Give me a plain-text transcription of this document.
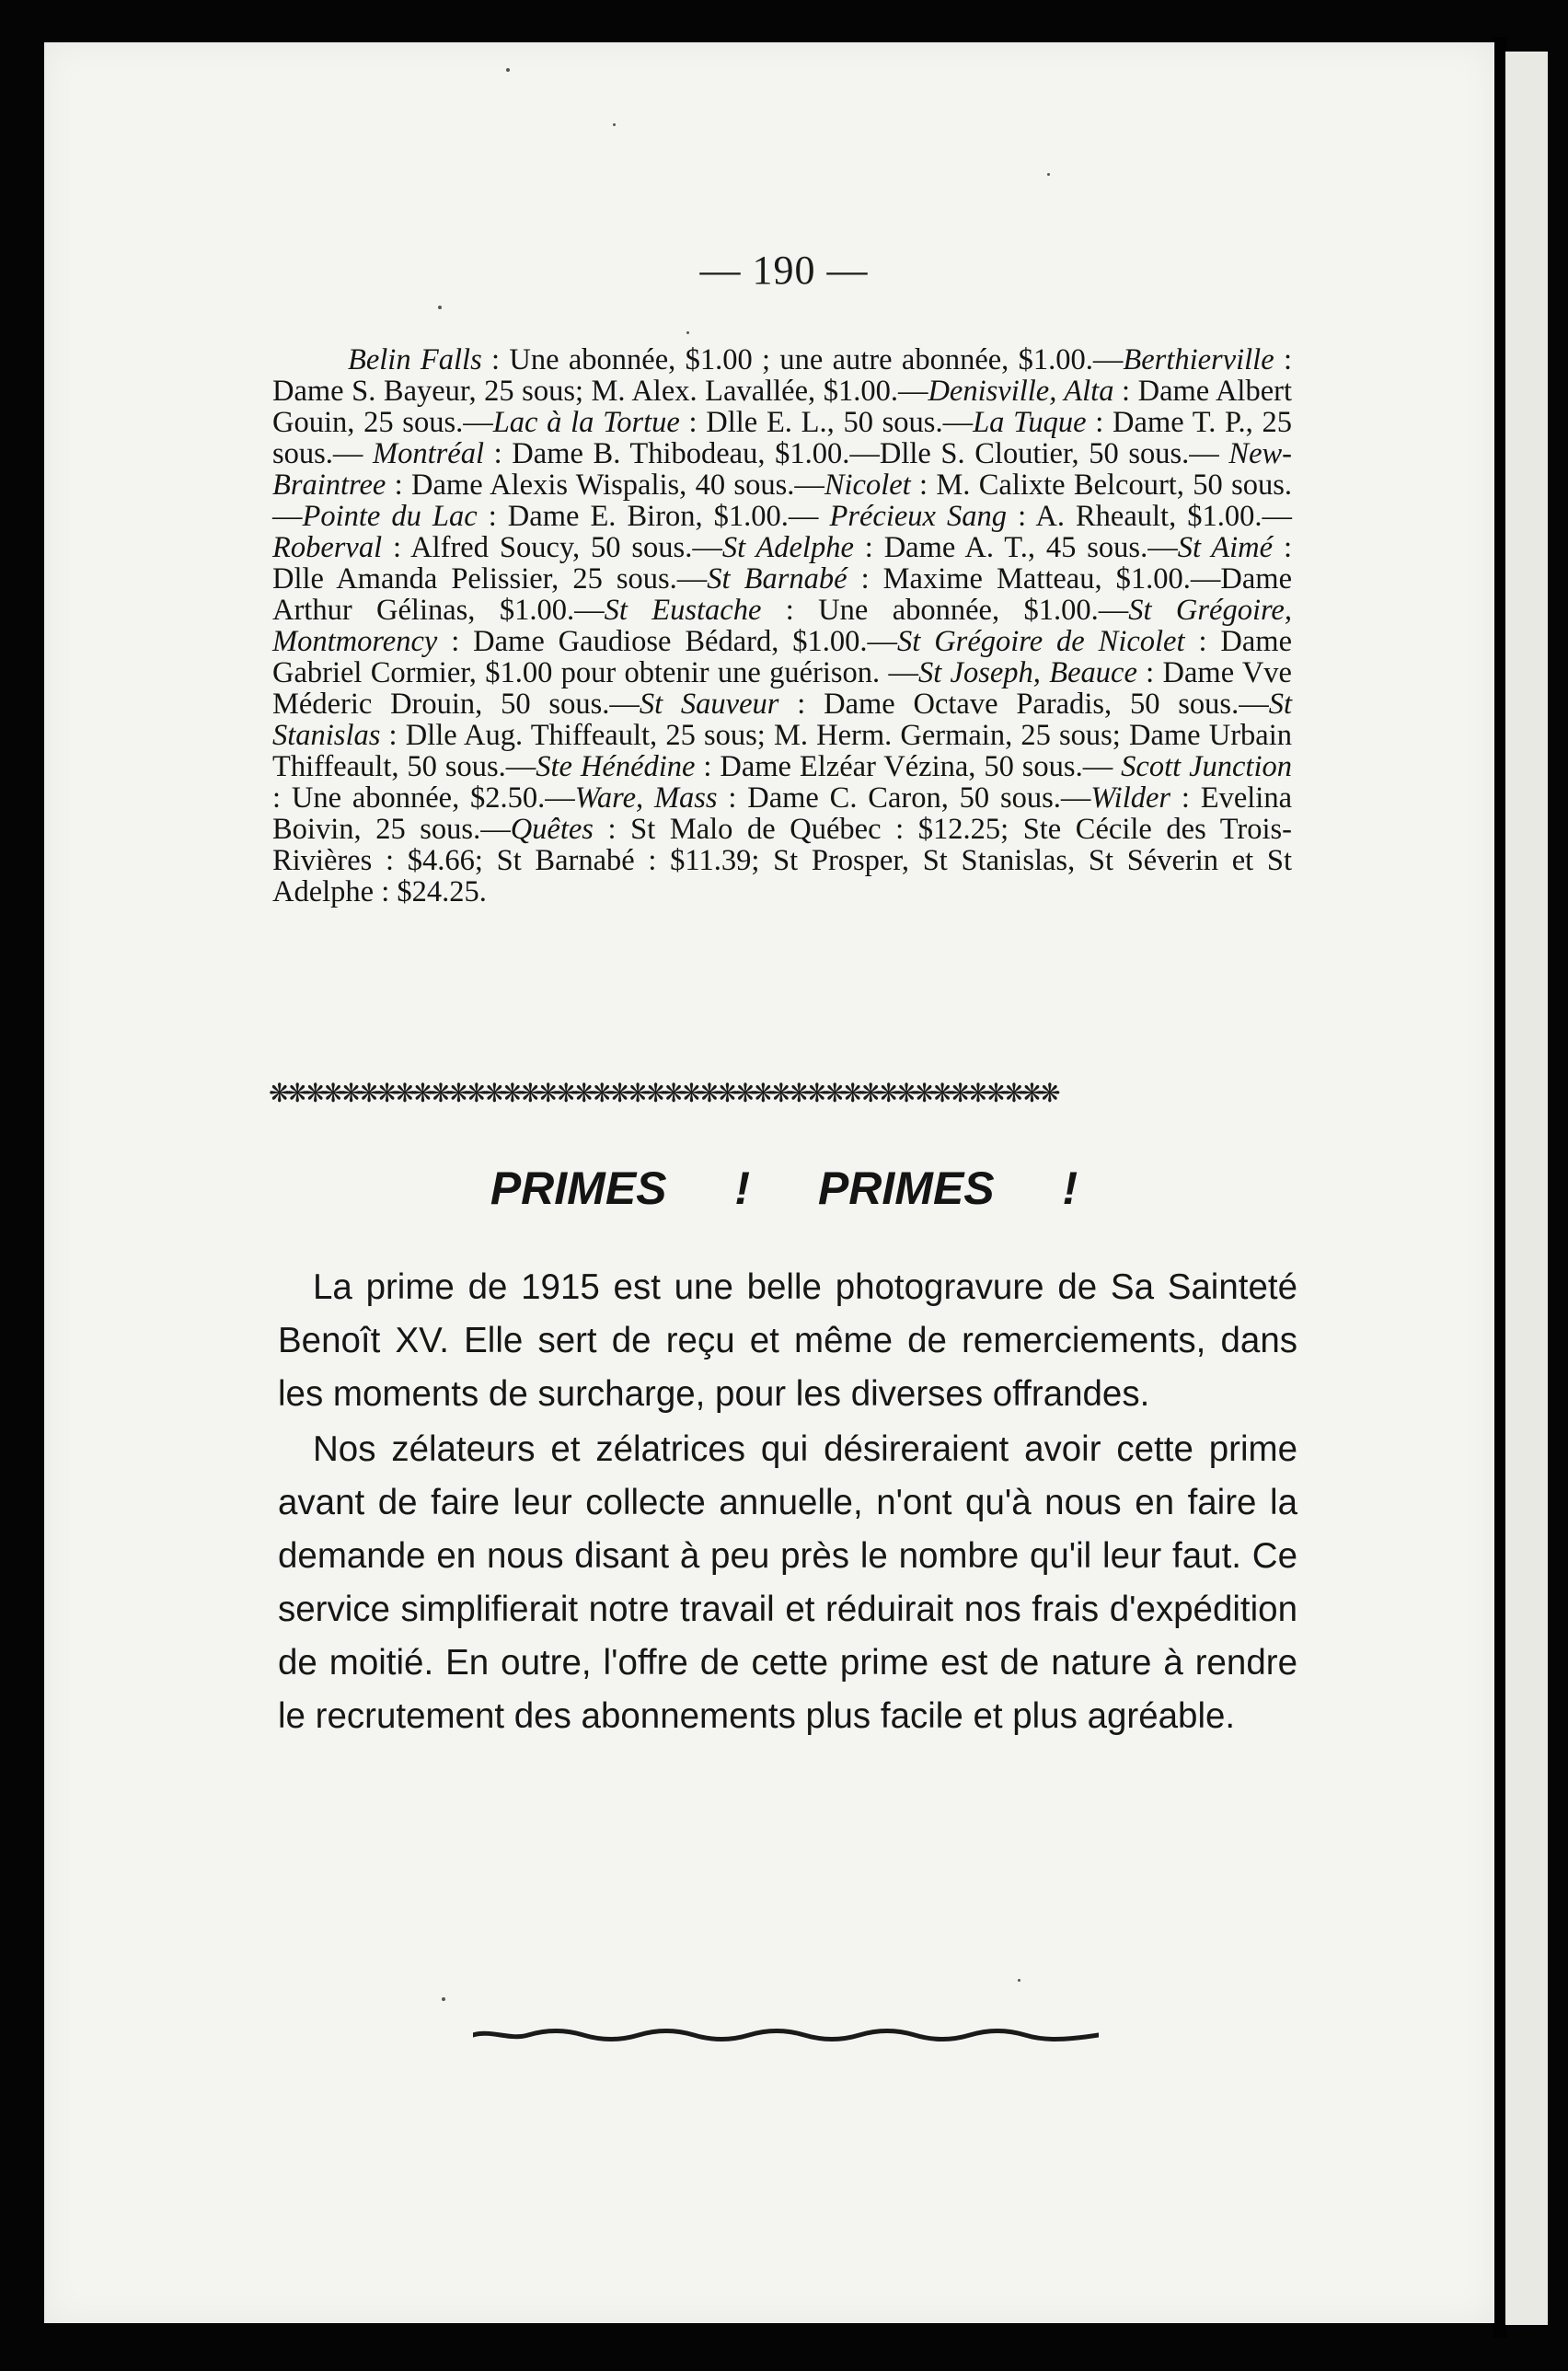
— 190 —
Belin Falls : Une abonnée, $1.00 ; une autre abonnée, $1.00.—Berthierville : Dame S. Bayeur, 25 sous; M. Alex. Lavallée, $1.00.—Denisville, Alta : Dame Albert Gouin, 25 sous.—Lac à la Tortue : Dlle E. L., 50 sous.—La Tuque : Dame T. P., 25 sous.— Montréal : Dame B. Thibodeau, $1.00.—Dlle S. Cloutier, 50 sous.— New-Braintree : Dame Alexis Wispalis, 40 sous.—Nicolet : M. Calixte Belcourt, 50 sous.—Pointe du Lac : Dame E. Biron, $1.00.— Précieux Sang : A. Rheault, $1.00.—Roberval : Alfred Soucy, 50 sous.—St Adelphe : Dame A. T., 45 sous.—St Aimé : Dlle Amanda Pelissier, 25 sous.—St Barnabé : Maxime Matteau, $1.00.—Dame Arthur Gélinas, $1.00.—St Eustache : Une abonnée, $1.00.—St Grégoire, Montmorency : Dame Gaudiose Bédard, $1.00.—St Grégoire de Nicolet : Dame Gabriel Cormier, $1.00 pour obtenir une guérison. —St Joseph, Beauce : Dame Vve Méderic Drouin, 50 sous.—St Sauveur : Dame Octave Paradis, 50 sous.—St Stanislas : Dlle Aug. Thiffeault, 25 sous; M. Herm. Germain, 25 sous; Dame Urbain Thiffeault, 50 sous.—Ste Hénédine : Dame Elzéar Vézina, 50 sous.— Scott Junction : Une abonnée, $2.50.—Ware, Mass : Dame C. Caron, 50 sous.—Wilder : Evelina Boivin, 25 sous.—Quêtes : St Malo de Québec : $12.25; Ste Cécile des Trois-Rivières : $4.66; St Barnabé : $11.39; St Prosper, St Stanislas, St Séverin et St Adelphe : $24.25.
❋❋❋❋❋❋❋❋❋❋❋❋❋❋❋❋❋❋❋❋❋❋❋❋❋❋❋❋❋❋❋❋❋❋❋❋❋❋❋❋❋❋❋❋
PRIMES ! PRIMES !

La prime de 1915 est une belle photogravure de Sa Sainteté Benoît XV. Elle sert de reçu et même de remerciements, dans les moments de surcharge, pour les diverses offrandes.

Nos zélateurs et zélatrices qui désireraient avoir cette prime avant de faire leur collecte annuelle, n'ont qu'à nous en faire la demande en nous disant à peu près le nombre qu'il leur faut. Ce service simplifierait notre travail et réduirait nos frais d'expédition de moitié. En outre, l'offre de cette prime est de nature à rendre le recrutement des abonnements plus facile et plus agréable.
